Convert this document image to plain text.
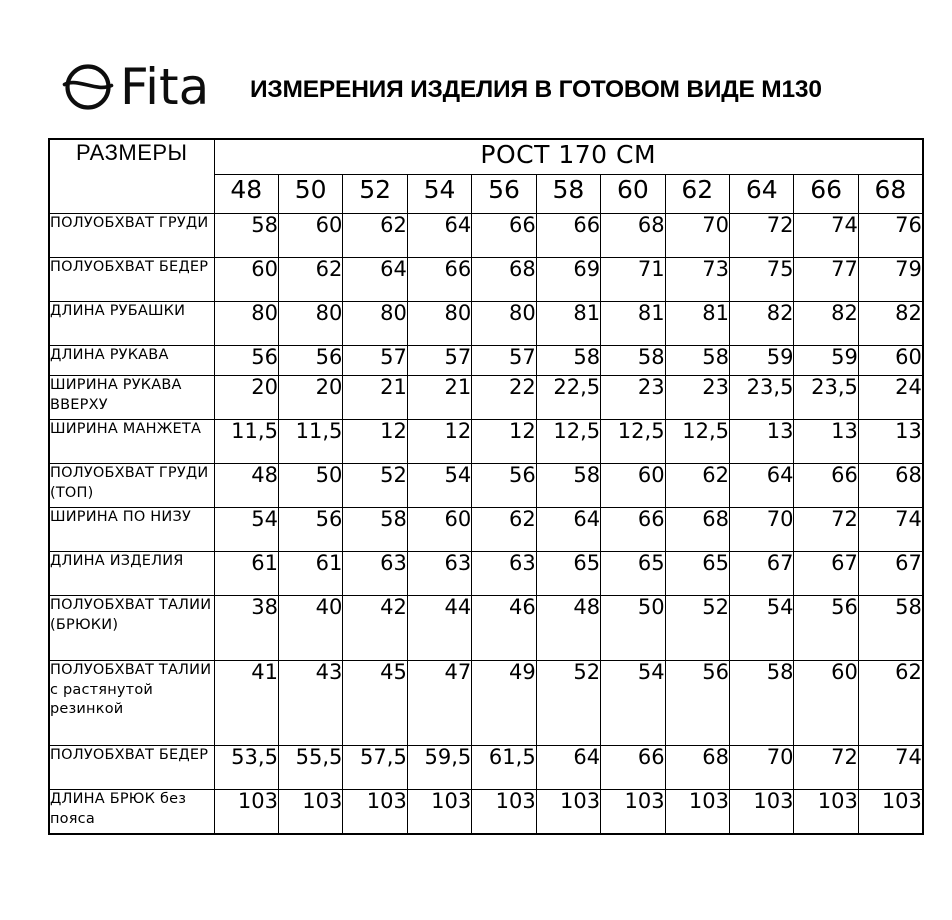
Fita ИЗМЕРЕНИЯ ИЗДЕЛИЯ В ГОТОВОМ ВИДЕ М130
РАЗМЕРЫ	РОСТ 170 СМ										
	48	50	52	54	56	58	60	62	64	66	68
ПОЛУОБХВАТ ГРУДИ	58	60	62	64	66	66	68	70	72	74	76
ПОЛУОБХВАТ БЕДЕР	60	62	64	66	68	69	71	73	75	77	79
ДЛИНА РУБАШКИ	80	80	80	80	80	81	81	81	82	82	82
ДЛИНА РУКАВА	56	56	57	57	57	58	58	58	59	59	60
ШИРИНА РУКАВА ВВЕРХУ	20	20	21	21	22	22,5	23	23	23,5	23,5	24
ШИРИНА МАНЖЕТА	11,5	11,5	12	12	12	12,5	12,5	12,5	13	13	13
ПОЛУОБХВАТ ГРУДИ (ТОП)	48	50	52	54	56	58	60	62	64	66	68
ШИРИНА ПО НИЗУ	54	56	58	60	62	64	66	68	70	72	74
ДЛИНА ИЗДЕЛИЯ	61	61	63	63	63	65	65	65	67	67	67
ПОЛУОБХВАТ ТАЛИИ (БРЮКИ)	38	40	42	44	46	48	50	52	54	56	58
ПОЛУОБХВАТ ТАЛИИ с растянутой резинкой	41	43	45	47	49	52	54	56	58	60	62
ПОЛУОБХВАТ БЕДЕР	53,5	55,5	57,5	59,5	61,5	64	66	68	70	72	74
ДЛИНА БРЮК без пояса	103	103	103	103	103	103	103	103	103	103	103
